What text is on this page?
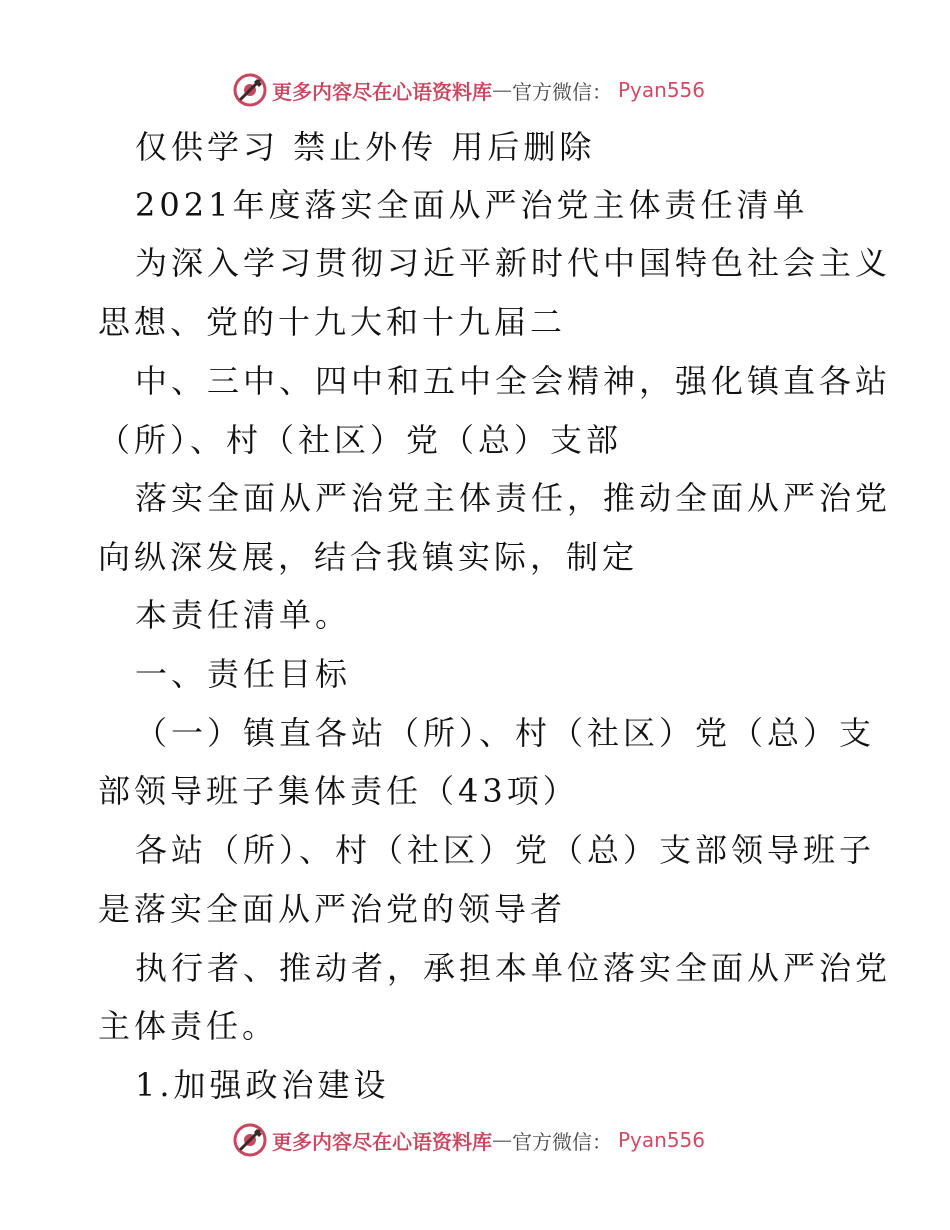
更多内容尽在心语资料库 — 官方微信： Pyan556
仅供学习 禁止外传 用后删除
2021年度落实全面从严治党主体责任清单
为深入学习贯彻习近平新时代中国特色社会主义
思想、党的十九大和十九届二
中、三中、四中和五中全会精神，强化镇直各站
（所）、村（社区）党（总）支部
落实全面从严治党主体责任，推动全面从严治党
向纵深发展，结合我镇实际，制定
本责任清单。
一、责任目标
（一）镇直各站（所）、村（社区）党（总）支
部领导班子集体责任（43项）
各站（所）、村（社区）党（总）支部领导班子
是落实全面从严治党的领导者
执行者、推动者，承担本单位落实全面从严治党
主体责任。
1.加强政治建设
更多内容尽在心语资料库 — 官方微信： Pyan556
